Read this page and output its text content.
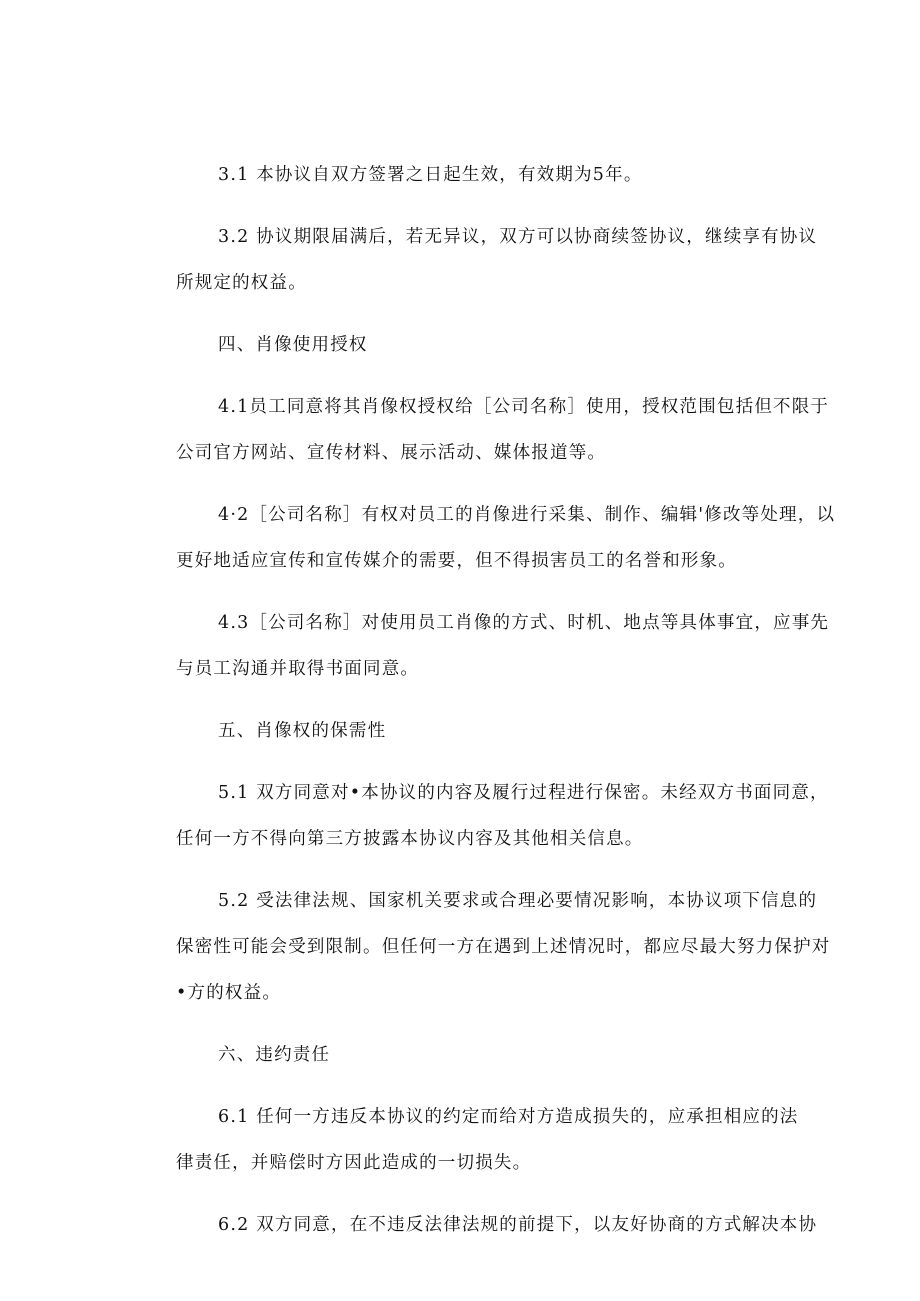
3.1 本协议自双方签署之日起生效，有效期为5年。
3.2 协议期限届满后，若无异议，双方可以协商续签协议，继续享有协议
所规定的权益。
四、肖像使用授权
4.1员工同意将其肖像权授权给［公司名称］使用，授权范围包括但不限于
公司官方网站、宣传材料、展示活动、媒体报道等。
4·2［公司名称］有权对员工的肖像进行采集、制作、编辑'修改等处理，以
更好地适应宣传和宣传媒介的需要，但不得损害员工的名誉和形象。
4.3［公司名称］对使用员工肖像的方式、时机、地点等具体事宜，应事先
与员工沟通并取得书面同意。
五、肖像权的保需性
5.1 双方同意对•本协议的内容及履行过程进行保密。未经双方书面同意，
任何一方不得向第三方披露本协议内容及其他相关信息。
5.2 受法律法规、国家机关要求或合理必要情况影响，本协议项下信息的
保密性可能会受到限制。但任何一方在遇到上述情况时，都应尽最大努力保护对
•方的权益。
六、违约责任
6.1 任何一方违反本协议的约定而给对方造成损失的，应承担相应的法
律责任，并赔偿时方因此造成的一切损失。
6.2 双方同意，在不违反法律法规的前提下，以友好协商的方式解决本协
